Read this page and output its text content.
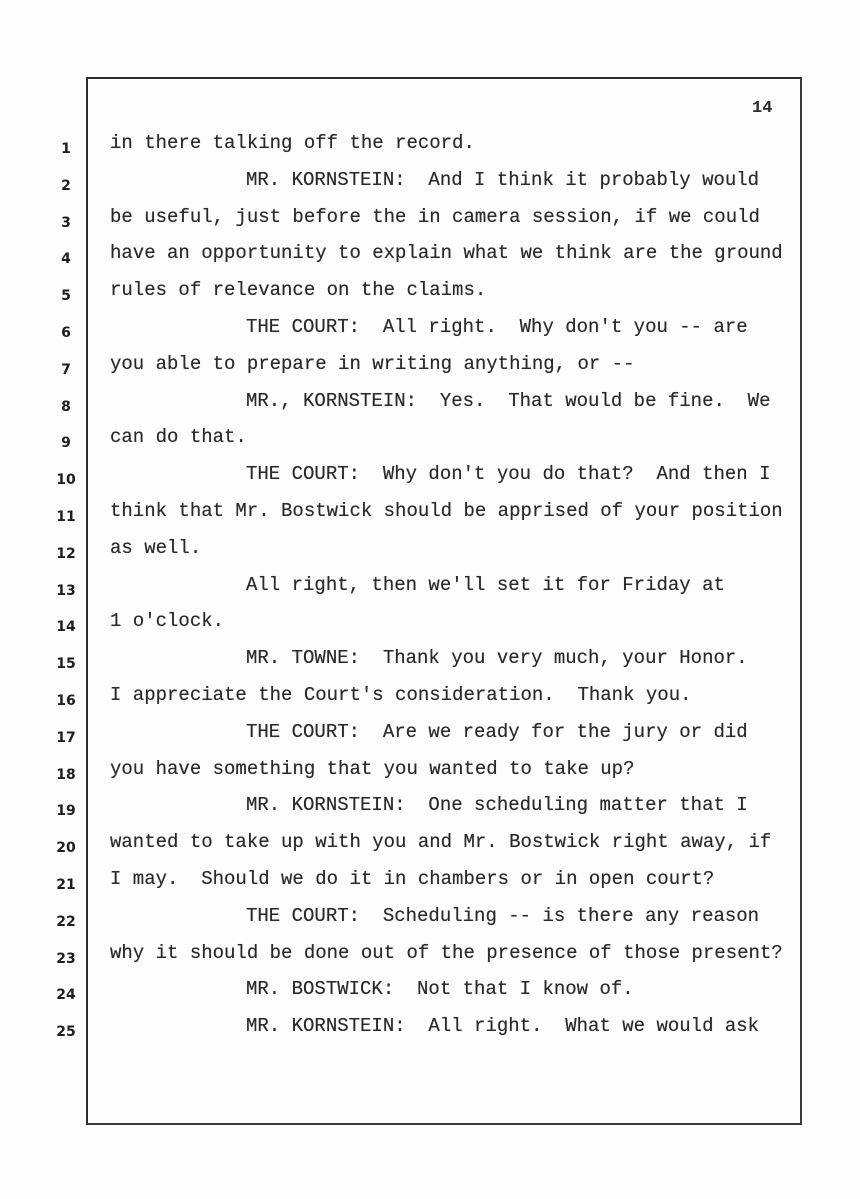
14
1	in there talking off the record.
2	MR. KORNSTEIN:  And I think it probably would
3	be useful, just before the in camera session, if we could
4	have an opportunity to explain what we think are the ground
5	rules of relevance on the claims.
6	THE COURT:  All right.  Why don't you -- are
7	you able to prepare in writing anything, or --
8	MR., KORNSTEIN:  Yes.  That would be fine.  We
9	can do that.
10	THE COURT:  Why don't you do that?  And then I
11	think that Mr. Bostwick should be apprised of your position
12	as well.
13	All right, then we'll set it for Friday at
14	1 o'clock.
15	MR. TOWNE:  Thank you very much, your Honor.
16	I appreciate the Court's consideration.  Thank you.
17	THE COURT:  Are we ready for the jury or did
18	you have something that you wanted to take up?
19	MR. KORNSTEIN:  One scheduling matter that I
20	wanted to take up with you and Mr. Bostwick right away, if
21	I may.  Should we do it in chambers or in open court?
22	THE COURT:  Scheduling -- is there any reason
23	why it should be done out of the presence of those present?
24	MR. BOSTWICK:  Not that I know of.
25	MR. KORNSTEIN:  All right.  What we would ask
